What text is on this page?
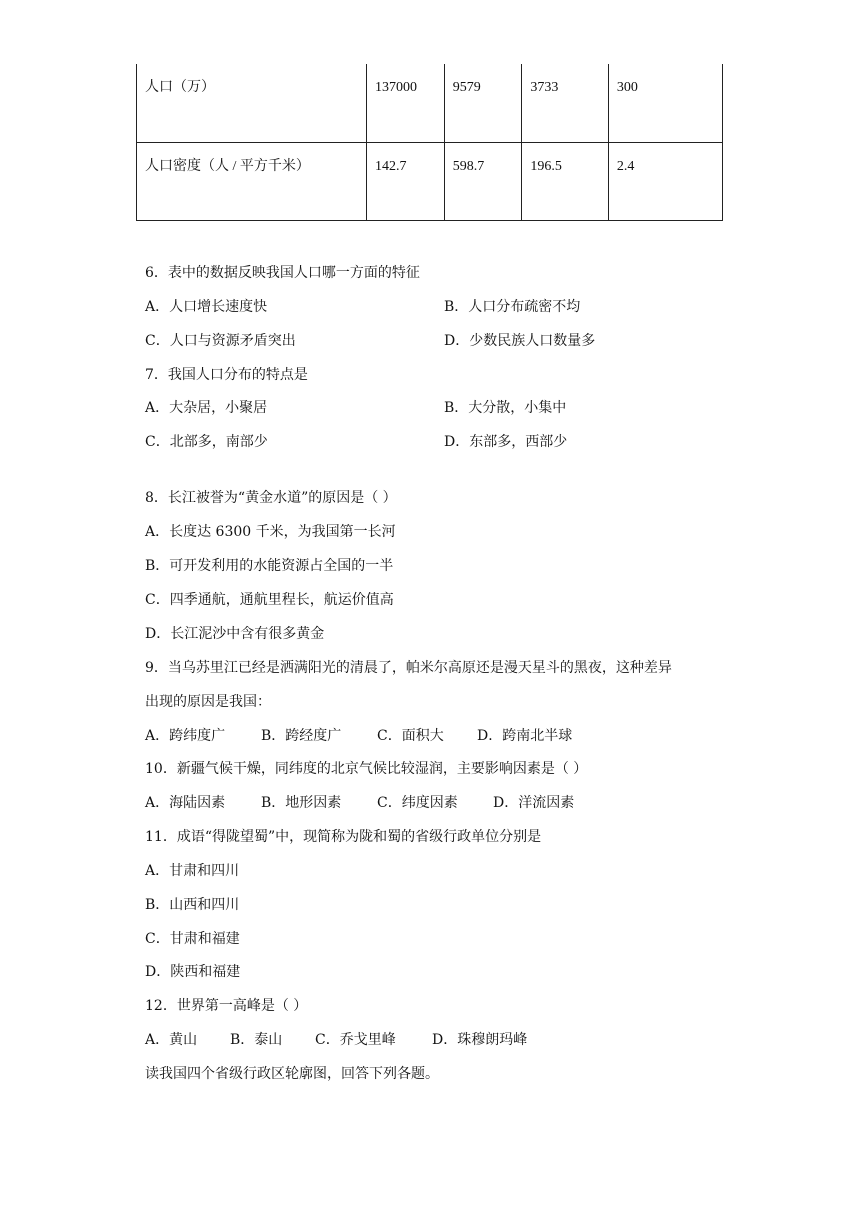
人口（万）	137000	9579	3733	300
人口密度（人 / 平方千米）	142.7	598.7	196.5	2.4
6．表中的数据反映我国人口哪一方面的特征
A．人口增长速度快	B．人口分布疏密不均
C．人口与资源矛盾突出	D．少数民族人口数量多
7．我国人口分布的特点是
A．大杂居，小聚居	B．大分散，小集中
C．北部多，南部少	D．东部多，西部少
8．长江被誉为“黄金水道”的原因是（ ）
A．长度达 6300 千米，为我国第一长河
B．可开发利用的水能资源占全国的一半
C．四季通航，通航里程长，航运价值高
D．长江泥沙中含有很多黄金
9．当乌苏里江已经是洒满阳光的清晨了，帕米尔高原还是漫天星斗的黑夜，这种差异
出现的原因是我国：
A．跨纬度广	B．跨经度广	C．面积大 D．跨南北半球
10．新疆气候干燥，同纬度的北京气候比较湿润，主要影响因素是（ ）
A．海陆因素	B．地形因素	C．纬度因素	D．洋流因素
11．成语“得陇望蜀”中，现简称为陇和蜀的省级行政单位分别是
A．甘肃和四川
B．山西和四川
C．甘肃和福建
D．陕西和福建
12．世界第一高峰是（ ）
A．黄山 B．泰山 C．乔戈里峰	D．珠穆朗玛峰
读我国四个省级行政区轮廓图，回答下列各题。
